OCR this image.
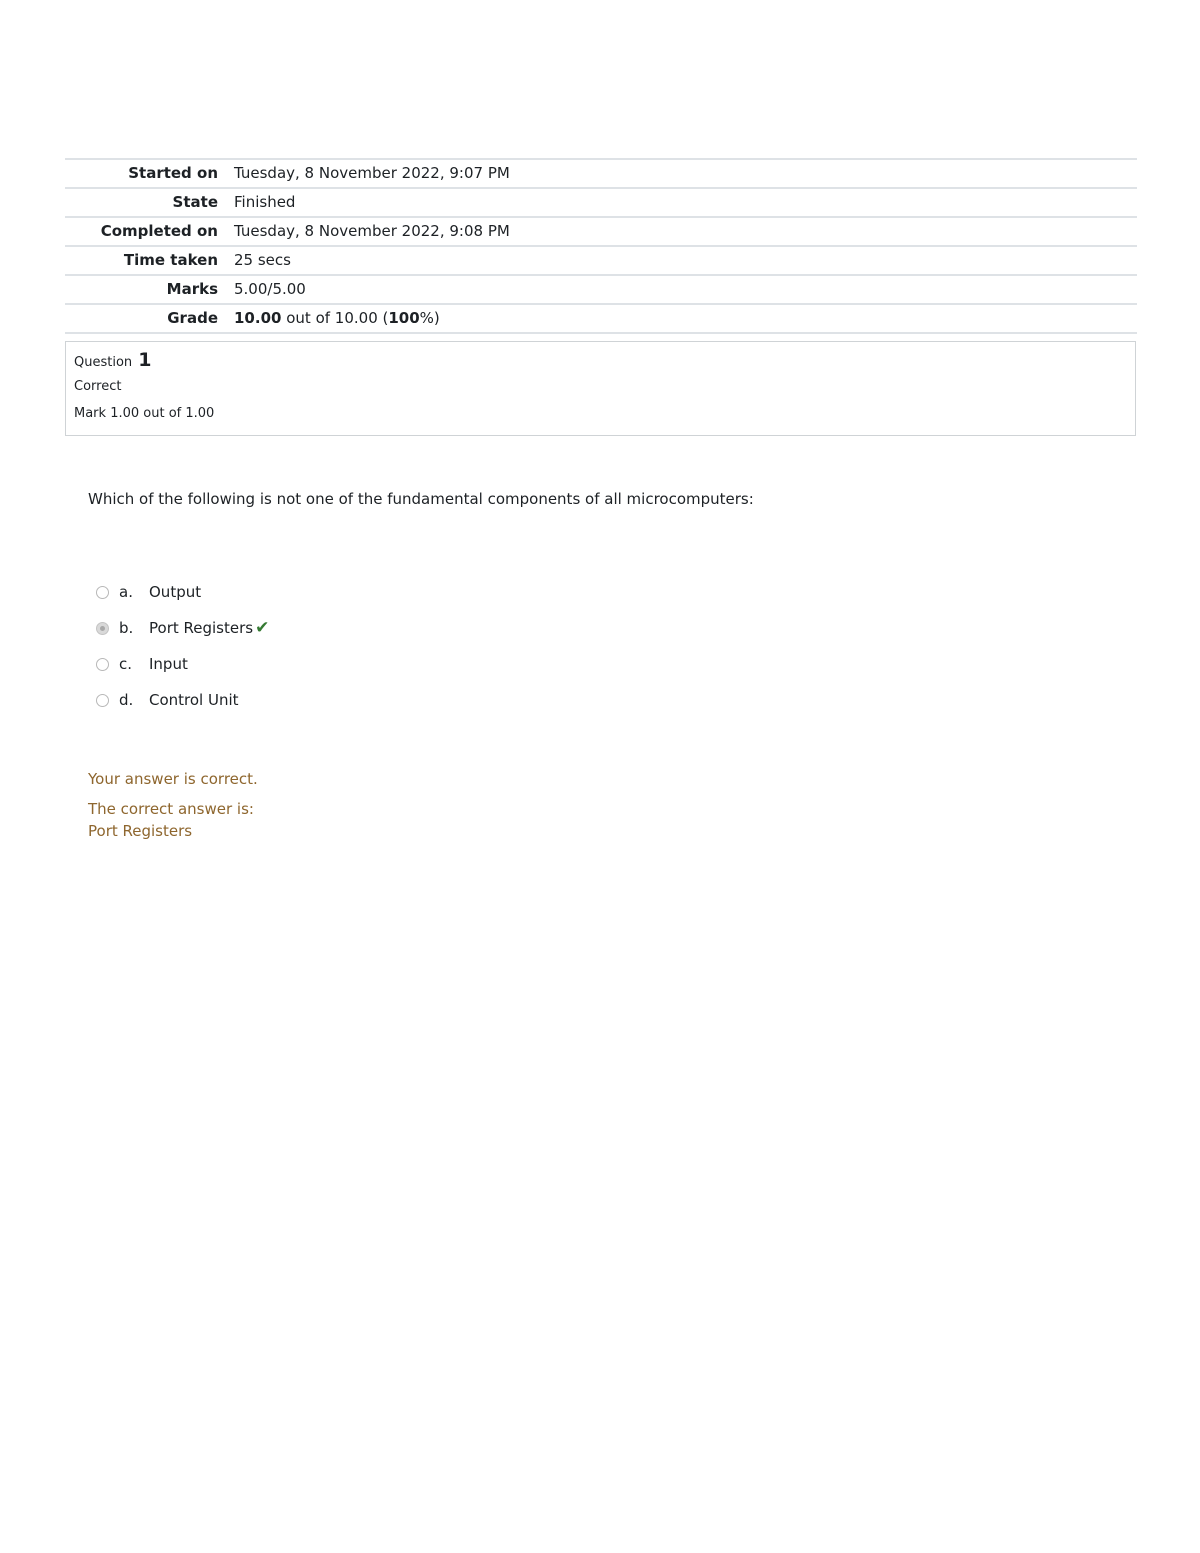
Started on	Tuesday, 8 November 2022, 9:07 PM
State	Finished
Completed on	Tuesday, 8 November 2022, 9:08 PM
Time taken	25 secs
Marks	5.00/5.00
Grade	10.00 out of 10.00 (100%)
Question 1
Correct
Mark 1.00 out of 1.00
Which of the following is not one of the fundamental components of all microcomputers:
a.	Output
b.	Port Registers ✔
c.	Input
d.	Control Unit
Your answer is correct.
The correct answer is:
Port Registers
